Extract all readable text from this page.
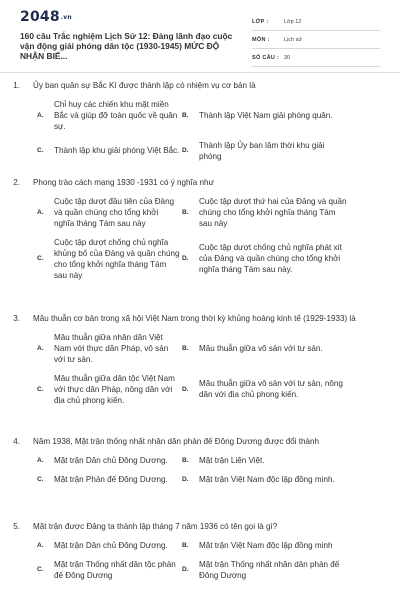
2048.vn
160 câu Trắc nghiệm Lịch Sử 12: Đảng lãnh đạo cuộc vận động giải phóng dân tộc (1930-1945) MỨC ĐỘ NHẬN BIẾ...
LỚP :	Lớp 12
MÔN :	Lịch sử
SỐ CÂU : 30
1.	Ủy ban quân sự Bắc Kì được thành lập có nhiệm vụ cơ bản là
A.
Chỉ huy các chiến khu mặt miền Bắc và giúp đỡ toàn quốc về quân sự.
B.	Thành lập Việt Nam giải phóng quân.
C.	Thành lập khu giải phóng Việt Bắc. D.
Thành lập Ủy ban lâm thời khu giải phóng
2.	Phong trào cách mạng 1930 -1931 có ý nghĩa như
A.
Cuộc tập dượt đầu tiên của Đảng và quần chúng cho tổng khởi nghĩa tháng Tám sau này
B.
Cuộc tập dượt thứ hai của Đảng và quần chúng cho tổng khởi nghĩa tháng Tám sau này
C.
Cuộc tập dượt chống chủ nghĩa khủng bố của Đảng và quần chúng cho tổng khởi nghĩa tháng Tám sau này
D.
Cuộc tập dượt chống chủ nghĩa phát xít của Đảng và quần chúng cho tổng khởi nghĩa tháng Tám sau này.
3.	Mâu thuẫn cơ bản trong xã hội Việt Nam trong thời kỳ khủng hoảng kinh tế (1929-1933) là
A.
Mâu thuẫn giữa nhân dân Việt Nam với thực dân Pháp, vô sản với tư sản.
B.	Mâu thuẫn giữa vô sản với tư sản.
C.
Mâu thuẫn giữa dân tộc Việt Nam với thực dân Pháp, nông dân với địa chủ phong kiến.
D.
Mâu thuẫn giữa vô sản với tư sản, nông dân với địa chủ phong kiến.
4.	Năm 1938, Mặt trận thống nhất nhân dân phản đế Đông Dương được đổi thành
A.	Mặt trận Dân chủ Đông Dương.	B.	Mặt trận Liên Việt.
C.	Mặt trận Phản đế Đông Dương.	D.	Mặt trận Việt Nam độc lập đồng minh.
5.	Mặt trận được Đảng ta thành lập tháng 7 năm 1936 có tên gọi là gì?
A.	Mặt trận Dân chủ Đông Dương.	B.	Mặt trận Việt Nam độc lập đồng minh
C.
Mặt trận Thống nhất dân tộc phản đế Đông Dương
D.
Mặt trận Thống nhất nhân dân phản đế Đông Dương
